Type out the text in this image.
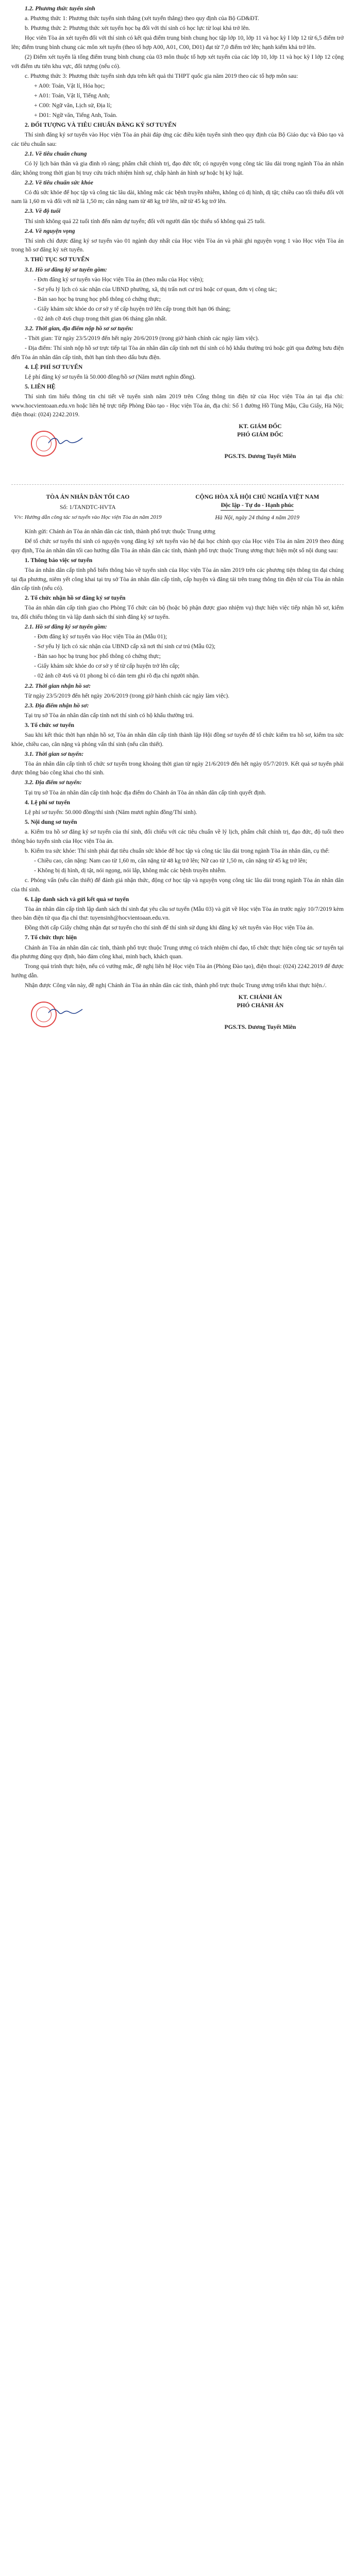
1.2. Phương thức tuyển sinh

a. Phương thức 1: Phương thức tuyển sinh thẳng (xét tuyển thẳng) theo quy định của Bộ GD&ĐT.

b. Phương thức 2: Phương thức xét tuyển học bạ đối với thí sinh có học lực từ loại khá trở lên.

Học viên Tòa án xét tuyển đối với thí sinh có kết quả điểm trung bình chung học tập lớp 10, lớp 11 và học kỳ I lớp 12 từ 6,5 điểm trở lên; điểm trung bình chung các môn xét tuyển (theo tổ hợp A00, A01, C00, D01) đạt từ 7,0 điểm trở lên; hạnh kiểm khá trở lên.

(2) Điểm xét tuyển là tổng điểm trung bình chung của 03 môn thuộc tổ hợp xét tuyển của các lớp 10, lớp 11 và học kỳ I lớp 12 cộng với điểm ưu tiên khu vực, đối tượng (nếu có).

c. Phương thức 3: Phương thức tuyển sinh dựa trên kết quả thi THPT quốc gia năm 2019 theo các tổ hợp môn sau:

+ A00: Toán, Vật lí, Hóa học;

+ A01: Toán, Vật lí, Tiếng Anh;

+ C00: Ngữ văn, Lịch sử, Địa lí;

+ D01: Ngữ văn, Tiếng Anh, Toán.

2. ĐỐI TƯỢNG VÀ TIÊU CHUẨN ĐĂNG KÝ SƠ TUYỂN

Thí sinh đăng ký sơ tuyển vào Học viện Tòa án phải đáp ứng các điều kiện tuyển sinh theo quy định của Bộ Giáo dục và Đào tạo và các tiêu chuẩn sau:

2.1. Về tiêu chuẩn chung

Có lý lịch bản thân và gia đình rõ ràng; phẩm chất chính trị, đạo đức tốt; có nguyện vọng công tác lâu dài trong ngành Tòa án nhân dân; không trong thời gian bị truy cứu trách nhiệm hình sự, chấp hành án hình sự hoặc bị kỷ luật.

2.2. Về tiêu chuẩn sức khỏe

Có đủ sức khỏe để học tập và công tác lâu dài, không mắc các bệnh truyền nhiễm, không có dị hình, dị tật; chiều cao tối thiểu đối với nam là 1,60 m và đối với nữ là 1,50 m; cân nặng nam từ 48 kg trở lên, nữ từ 45 kg trở lên.

2.3. Về độ tuổi

Thí sinh không quá 22 tuổi tính đến năm dự tuyển; đối với người dân tộc thiểu số không quá 25 tuổi.

2.4. Về nguyện vọng

Thí sinh chỉ được đăng ký sơ tuyển vào 01 ngành duy nhất của Học viện Tòa án và phải ghi nguyện vọng 1 vào Học viện Tòa án trong hồ sơ đăng ký xét tuyển.

3. THỦ TỤC SƠ TUYỂN

3.1. Hồ sơ đăng ký sơ tuyển gồm:

- Đơn đăng ký sơ tuyển vào Học viện Tòa án (theo mẫu của Học viện);

- Sơ yếu lý lịch có xác nhận của UBND phường, xã, thị trấn nơi cư trú hoặc cơ quan, đơn vị công tác;

- Bản sao học bạ trung học phổ thông có chứng thực;

- Giấy khám sức khỏe do cơ sở y tế cấp huyện trở lên cấp trong thời hạn 06 tháng;

- 02 ảnh cỡ 4x6 chụp trong thời gian 06 tháng gần nhất.

3.2. Thời gian, địa điểm nộp hồ sơ sơ tuyển:

- Thời gian: Từ ngày 23/5/2019 đến hết ngày 20/6/2019 (trong giờ hành chính các ngày làm việc).

- Địa điểm: Thí sinh nộp hồ sơ trực tiếp tại Tòa án nhân dân cấp tỉnh nơi thí sinh có hộ khẩu thường trú hoặc gửi qua đường bưu điện đến Tòa án nhân dân cấp tỉnh, thời hạn tính theo dấu bưu điện.

4. LỆ PHÍ SƠ TUYỂN

Lệ phí đăng ký sơ tuyển là 50.000 đồng/hồ sơ (Năm mươi nghìn đồng).

5. LIÊN HỆ

Thí sinh tìm hiểu thông tin chi tiết về tuyển sinh năm 2019 trên Cổng thông tin điện tử của Học viện Tòa án tại địa chỉ: www.hocvientoaan.edu.vn hoặc liên hệ trực tiếp Phòng Đào tạo - Học viện Tòa án, địa chỉ: Số 1 đường Hồ Tùng Mậu, Cầu Giấy, Hà Nội; điện thoại: (024) 2242.2019.

KT. GIÁM ĐỐC
PHÓ GIÁM ĐỐC
PGS.TS. Dương Tuyết Miên
TÒA ÁN NHÂN DÂN TỐI CAO
Số: 1/TANDTC-HVTA
V/v: Hướng dẫn công tác sơ tuyển vào Học viện Tòa án năm 2019
CỘNG HÒA XÃ HỘI CHỦ NGHĨA VIỆT NAM
Độc lập - Tự do - Hạnh phúc
Hà Nội, ngày 24 tháng 4 năm 2019

Kính gửi: Chánh án Tòa án nhân dân các tỉnh, thành phố trực thuộc Trung ương

Để tổ chức sơ tuyển thí sinh có nguyện vọng đăng ký xét tuyển vào hệ đại học chính quy của Học viện Tòa án năm 2019 theo đúng quy định, Tòa án nhân dân tối cao hướng dẫn Tòa án nhân dân các tỉnh, thành phố trực thuộc Trung ương thực hiện một số nội dung sau:

1. Thông báo việc sơ tuyển

Tòa án nhân dân cấp tỉnh phổ biến thông báo về tuyển sinh của Học viện Tòa án năm 2019 trên các phương tiện thông tin đại chúng tại địa phương, niêm yết công khai tại trụ sở Tòa án nhân dân cấp tỉnh, cấp huyện và đăng tải trên trang thông tin điện tử của Tòa án nhân dân cấp tỉnh (nếu có).

2. Tổ chức nhận hồ sơ đăng ký sơ tuyển

Tòa án nhân dân cấp tỉnh giao cho Phòng Tổ chức cán bộ (hoặc bộ phận được giao nhiệm vụ) thực hiện việc tiếp nhận hồ sơ, kiểm tra, đối chiếu thông tin và lập danh sách thí sinh đăng ký sơ tuyển.

2.1. Hồ sơ đăng ký sơ tuyển gồm:

- Đơn đăng ký sơ tuyển vào Học viện Tòa án (Mẫu 01);

- Sơ yếu lý lịch có xác nhận của UBND cấp xã nơi thí sinh cư trú (Mẫu 02);

- Bản sao học bạ trung học phổ thông có chứng thực;

- Giấy khám sức khỏe do cơ sở y tế từ cấp huyện trở lên cấp;

- 02 ảnh cỡ 4x6 và 01 phong bì có dán tem ghi rõ địa chỉ người nhận.

2.2. Thời gian nhận hồ sơ:

Từ ngày 23/5/2019 đến hết ngày 20/6/2019 (trong giờ hành chính các ngày làm việc).

2.3. Địa điểm nhận hồ sơ:

Tại trụ sở Tòa án nhân dân cấp tỉnh nơi thí sinh có hộ khẩu thường trú.

3. Tổ chức sơ tuyển

Sau khi kết thúc thời hạn nhận hồ sơ, Tòa án nhân dân cấp tỉnh thành lập Hội đồng sơ tuyển để tổ chức kiểm tra hồ sơ, kiểm tra sức khỏe, chiều cao, cân nặng và phỏng vấn thí sinh (nếu cần thiết).

3.1. Thời gian sơ tuyển:

Tòa án nhân dân cấp tỉnh tổ chức sơ tuyển trong khoảng thời gian từ ngày 21/6/2019 đến hết ngày 05/7/2019. Kết quả sơ tuyển phải được thông báo công khai cho thí sinh.

3.2. Địa điểm sơ tuyển:

Tại trụ sở Tòa án nhân dân cấp tỉnh hoặc địa điểm do Chánh án Tòa án nhân dân cấp tỉnh quyết định.

4. Lệ phí sơ tuyển

Lệ phí sơ tuyển: 50.000 đồng/thí sinh (Năm mươi nghìn đồng/Thí sinh).

5. Nội dung sơ tuyển

a. Kiểm tra hồ sơ đăng ký sơ tuyển của thí sinh, đối chiếu với các tiêu chuẩn về lý lịch, phẩm chất chính trị, đạo đức, độ tuổi theo thông báo tuyển sinh của Học viện Tòa án.

b. Kiểm tra sức khỏe: Thí sinh phải đạt tiêu chuẩn sức khỏe để học tập và công tác lâu dài trong ngành Tòa án nhân dân, cụ thể:

- Chiều cao, cân nặng: Nam cao từ 1,60 m, cân nặng từ 48 kg trở lên; Nữ cao từ 1,50 m, cân nặng từ 45 kg trở lên;

- Không bị dị hình, dị tật, nói ngọng, nói lắp, không mắc các bệnh truyền nhiễm.

c. Phỏng vấn (nếu cần thiết) để đánh giá nhận thức, động cơ học tập và nguyện vọng công tác lâu dài trong ngành Tòa án nhân dân của thí sinh.

6. Lập danh sách và gửi kết quả sơ tuyển

Tòa án nhân dân cấp tỉnh lập danh sách thí sinh đạt yêu cầu sơ tuyển (Mẫu 03) và gửi về Học viện Tòa án trước ngày 10/7/2019 kèm theo bản điện tử qua địa chỉ thư: tuyensinh@hocvientoaan.edu.vn.

Đồng thời cấp Giấy chứng nhận đạt sơ tuyển cho thí sinh để thí sinh sử dụng khi đăng ký xét tuyển vào Học viện Tòa án.

7. Tổ chức thực hiện

Chánh án Tòa án nhân dân các tỉnh, thành phố trực thuộc Trung ương có trách nhiệm chỉ đạo, tổ chức thực hiện công tác sơ tuyển tại địa phương đúng quy định, bảo đảm công khai, minh bạch, khách quan.

Trong quá trình thực hiện, nếu có vướng mắc, đề nghị liên hệ Học viện Tòa án (Phòng Đào tạo), điện thoại: (024) 2242.2019 để được hướng dẫn.

Nhận được Công văn này, đề nghị Chánh án Tòa án nhân dân các tỉnh, thành phố trực thuộc Trung ương triển khai thực hiện./.

KT. CHÁNH ÁN
PHÓ CHÁNH ÁN
PGS.TS. Dương Tuyết Miên
